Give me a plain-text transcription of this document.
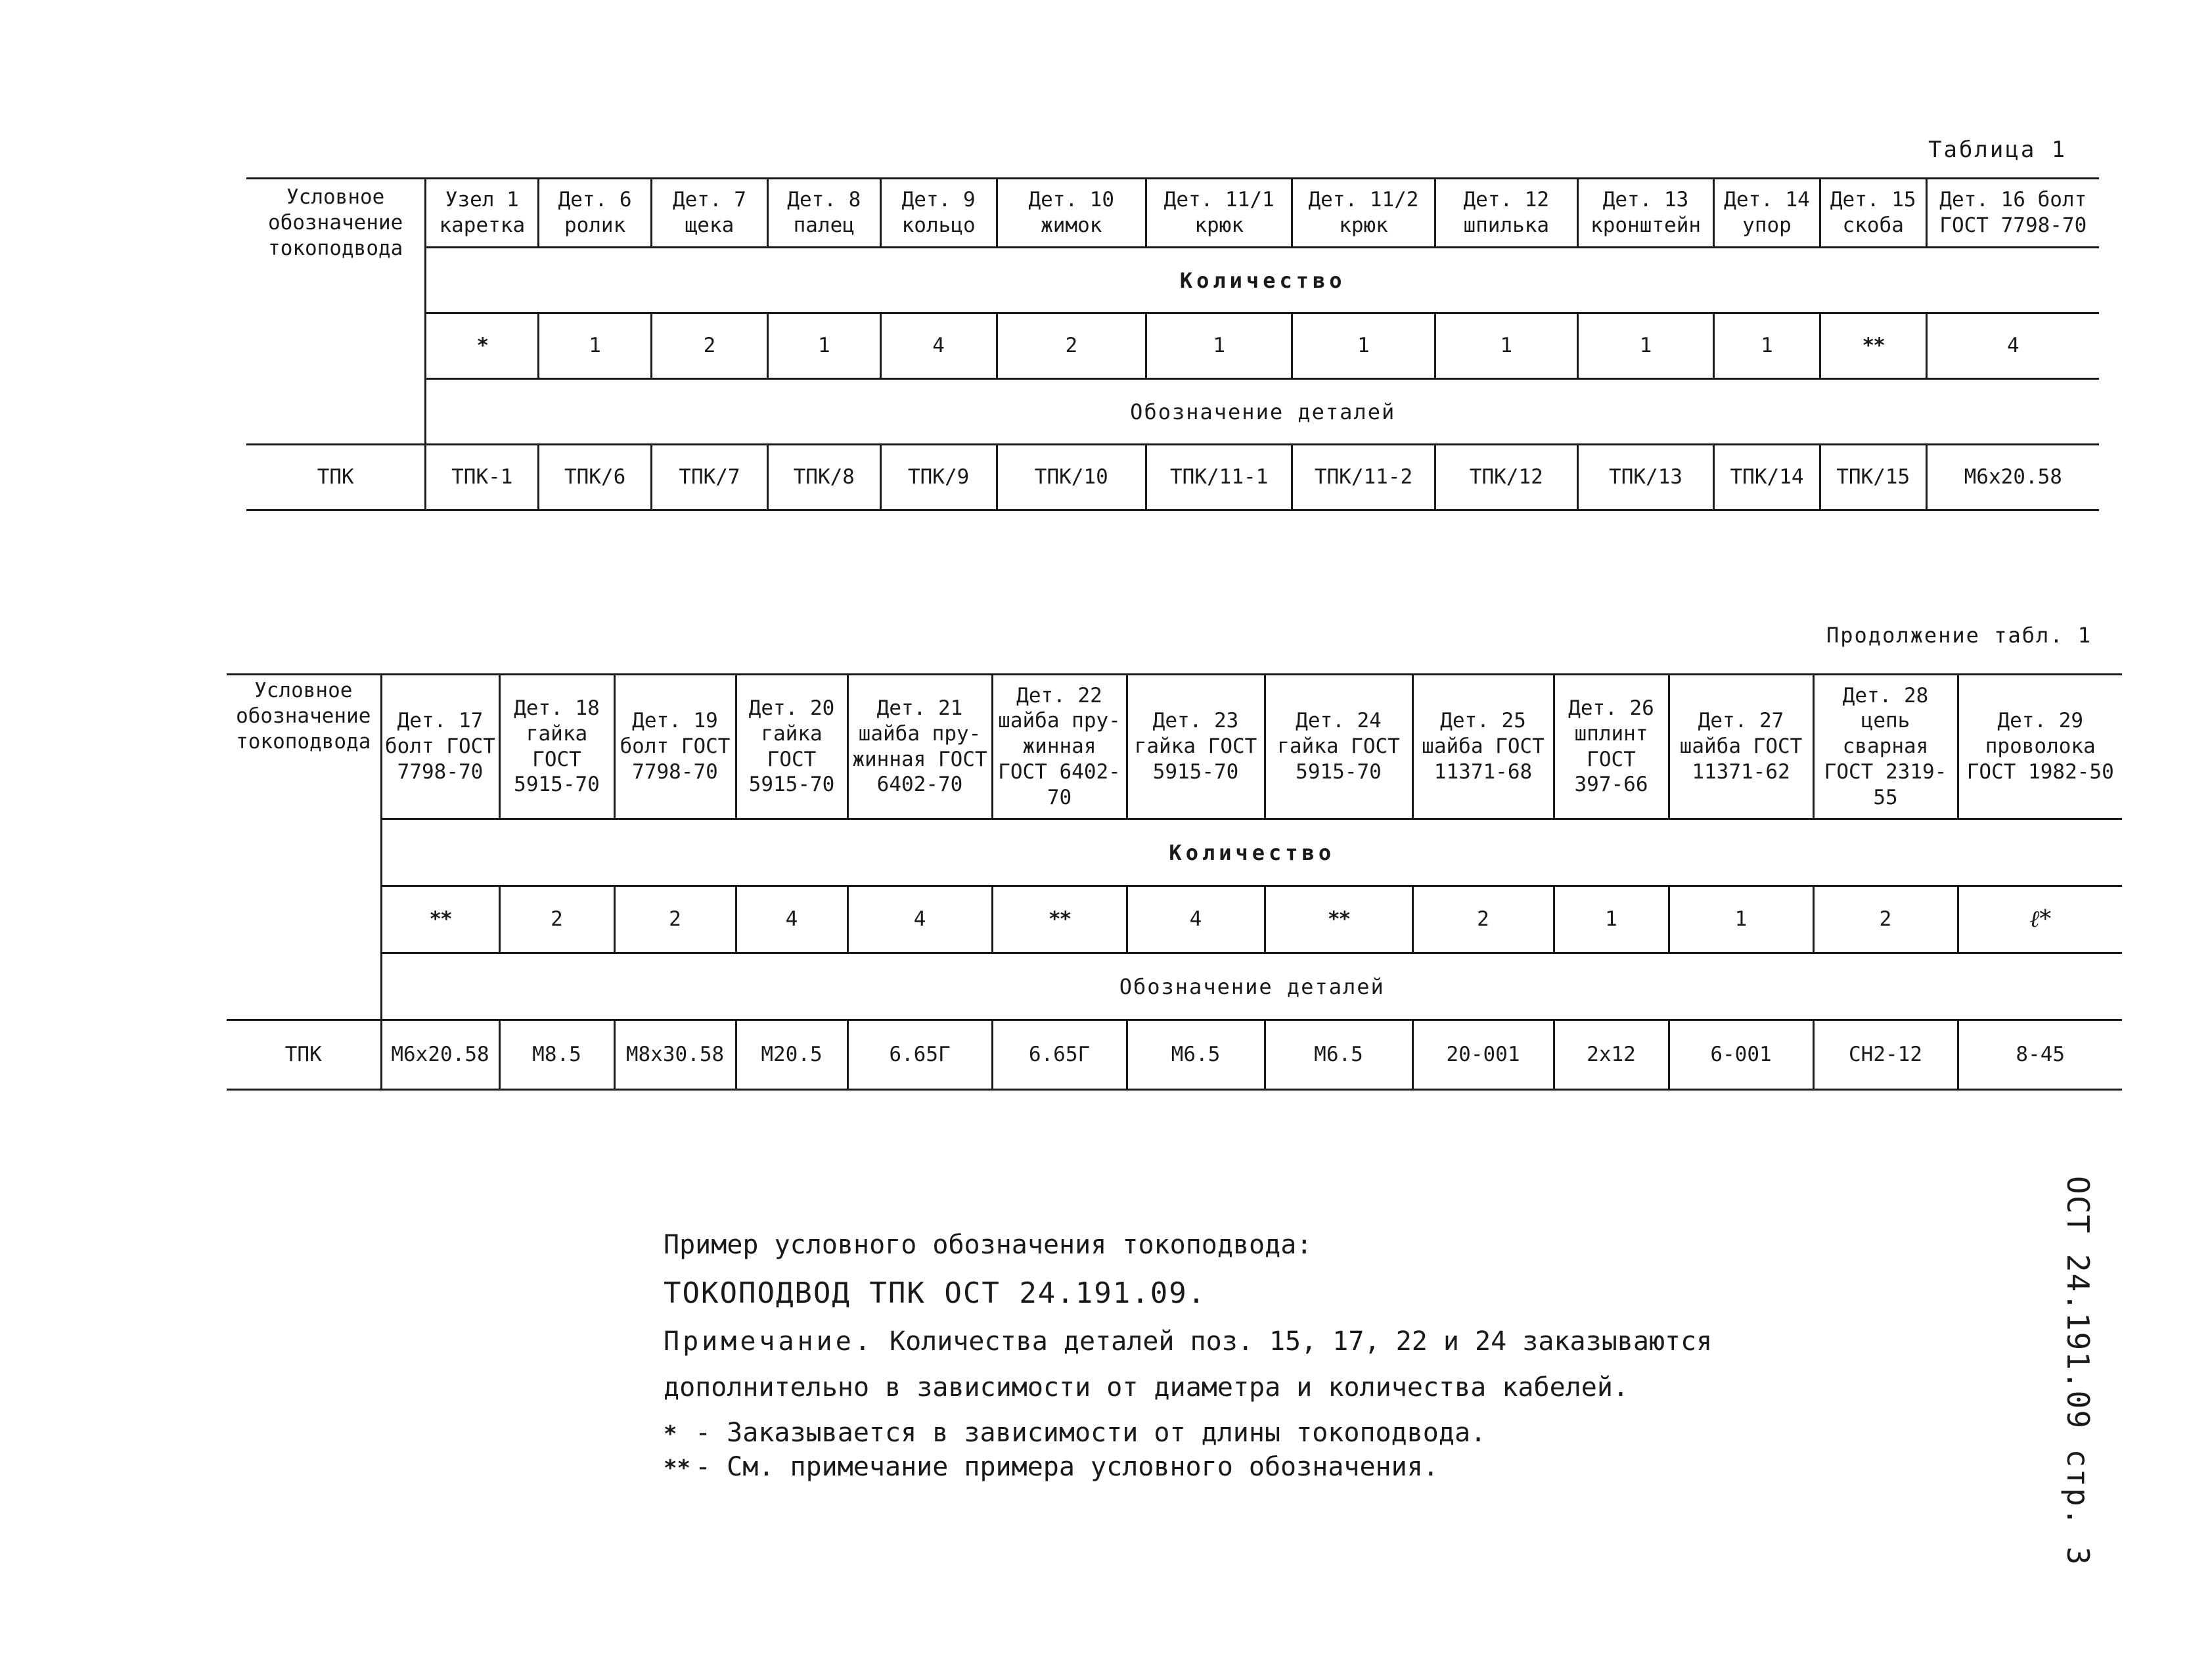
Таблица 1
Условное обозначение токоподвода	Узел 1 каретка	Дет. 6 ролик	Дет. 7 щека	Дет. 8 палец	Дет. 9 кольцо	Дет. 10 жимок	Дет. 11/1 крюк	Дет. 11/2 крюк	Дет. 12 шпилька	Дет. 13 кронштейн	Дет. 14 упор	Дет. 15 скоба	Дет. 16 болт ГОСТ 7798-70
	Количество												
	*	1	2	1	4	2	1	1	1	1	1	**	4
	Обозначение деталей												
ТПК	ТПК-1	ТПК/6	ТПК/7	ТПК/8	ТПК/9	ТПК/10	ТПК/11-1	ТПК/11-2	ТПК/12	ТПК/13	ТПК/14	ТПК/15	М6х20.58
Продолжение табл. 1
Условное обозначение токоподвода	Дет. 17 болт ГОСТ 7798-70	Дет. 18 гайка ГОСТ 5915-70	Дет. 19 болт ГОСТ 7798-70	Дет. 20 гайка ГОСТ 5915-70	Дет. 21 шайба пру- жинная ГОСТ 6402-70	Дет. 22 шайба пру- жинная ГОСТ 6402-70	Дет. 23 гайка ГОСТ 5915-70	Дет. 24 гайка ГОСТ 5915-70	Дет. 25 шайба ГОСТ 11371-68	Дет. 26 шплинт ГОСТ 397-66	Дет. 27 шайба ГОСТ 11371-62	Дет. 28 цепь сварная ГОСТ 2319-55	Дет. 29 проволока ГОСТ 1982-50
	Количество												
	**	2	2	4	4	**	4	**	2	1	1	2	ℓ*
	Обозначение деталей												
ТПК	М6х20.58	М8.5	М8х30.58	М20.5	6.65Г	6.65Г	М6.5	М6.5	20-001	2х12	6-001	СН2-12	8-45
Пример условного обозначения токоподвода:
ТОКОПОДВОД ТПК ОСТ 24.191.09.
Примечание. Количества деталей поз. 15, 17, 22 и 24 заказываются
дополнительно в зависимости от диаметра и количества кабелей.
* - Заказывается в зависимости от длины токоподвода.
** - См. примечание примера условного обозначения.	ОСТ 24.191.09 стр. 3
